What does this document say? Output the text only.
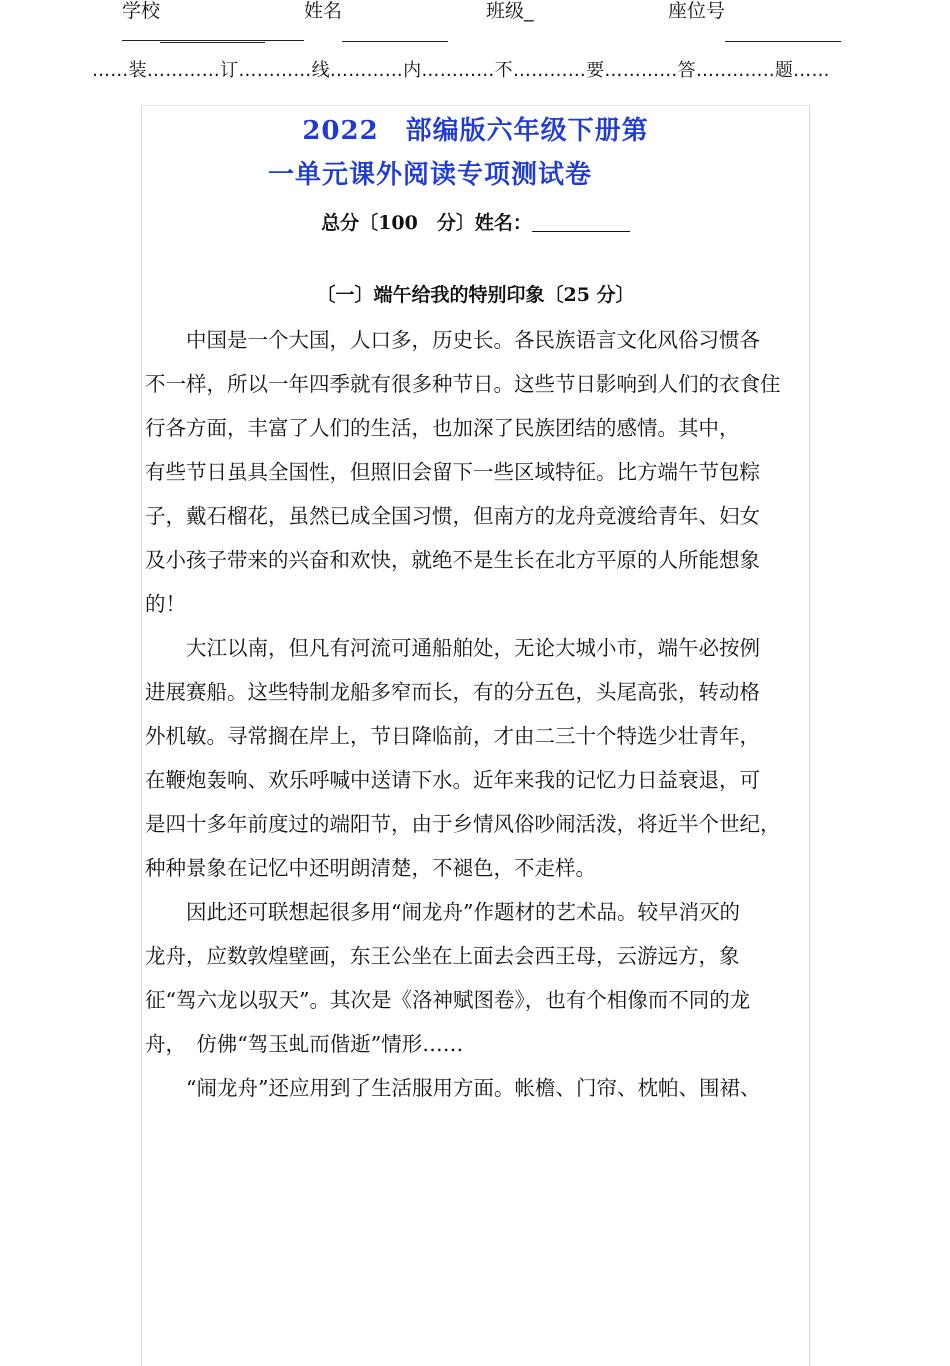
学校	姓名	班级_	座位号
……装…………订…………线…………内…………不…………要…………答…..……..题……
2022　部编版六年级下册第
一单元课外阅读专项测试卷
总分〔100　分〕姓名：
〔一〕端午给我的特别印象〔25 分〕
　　中国是一个大国，人口多，历史长。各民族语言文化风俗习惯各
不一样，所以一年四季就有很多种节日。这些节日影响到人们的衣食住
行各方面，丰富了人们的生活，也加深了民族团结的感情。其中，
有些节日虽具全国性，但照旧会留下一些区域特征。比方端午节包粽
子，戴石榴花，虽然已成全国习惯，但南方的龙舟竞渡给青年、妇女
及小孩子带来的兴奋和欢快，就绝不是生长在北方平原的人所能想象
的！
　　大江以南，但凡有河流可通船舶处，无论大城小市，端午必按例
进展赛船。这些特制龙船多窄而长，有的分五色，头尾高张，转动格
外机敏。寻常搁在岸上，节日降临前，才由二三十个特选少壮青年，
在鞭炮轰响、欢乐呼喊中送请下水。近年来我的记忆力日益衰退，可
是四十多年前度过的端阳节，由于乡情风俗吵闹活泼，将近半个世纪，
种种景象在记忆中还明朗清楚，不褪色，不走样。
　　因此还可联想起很多用“闹龙舟”作题材的艺术品。较早消灭的
龙舟，应数敦煌壁画，东王公坐在上面去会西王母，云游远方，象
征“驾六龙以驭天”。其次是《洛神赋图卷》，也有个相像而不同的龙
舟，　仿佛“驾玉虬而偕逝”情形……
　　“闹龙舟”还应用到了生活服用方面。帐檐、门帘、枕帕、围裙、
